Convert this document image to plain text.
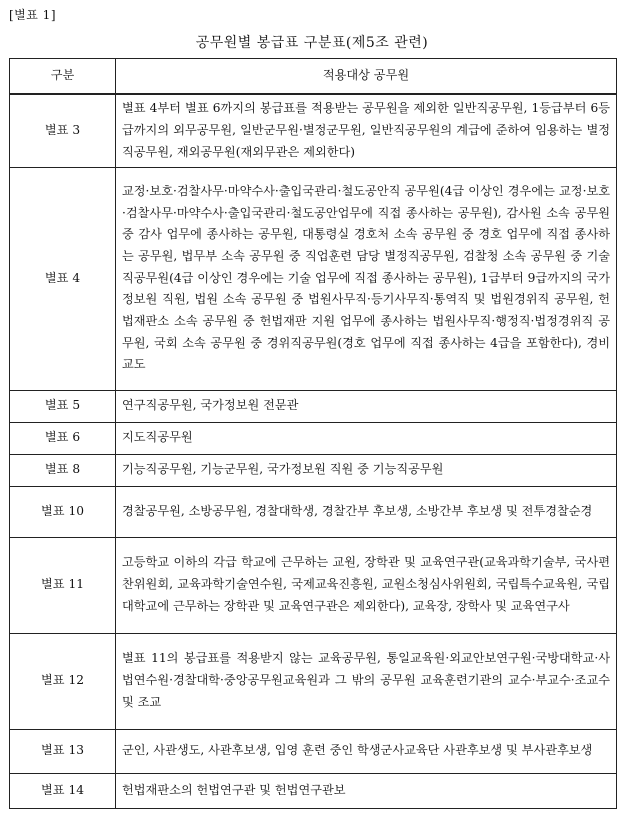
[별표 1]
공무원별 봉급표 구분표(제5조 관련)
구분	적용대상 공무원
별표 3	별표 4부터 별표 6까지의 봉급표를 적용받는 공무원을 제외한 일반직공무원, 1등급부터 6등급까지의 외무공무원, 일반군무원·별정군무원, 일반직공무원의 계급에 준하여 임용하는 별정직공무원, 재외공무원(재외무관은 제외한다)
별표 4	교정·보호·검찰사무·마약수사·출입국관리·철도공안직 공무원(4급 이상인 경우에는 교정·보호·검찰사무·마약수사·출입국관리·철도공안업무에 직접 종사하는 공무원), 감사원 소속 공무원 중 감사 업무에 종사하는 공무원, 대통령실 경호처 소속 공무원 중 경호 업무에 직접 종사하는 공무원, 법무부 소속 공무원 중 직업훈련 담당 별정직공무원, 검찰청 소속 공무원 중 기술직공무원(4급 이상인 경우에는 기술 업무에 직접 종사하는 공무원), 1급부터 9급까지의 국가정보원 직원, 법원 소속 공무원 중 법원사무직·등기사무직·통역직 및 법원경위직 공무원, 헌법재판소 소속 공무원 중 헌법재판 지원 업무에 종사하는 법원사무직·행정직·법정경위직 공무원, 국회 소속 공무원 중 경위직공무원(경호 업무에 직접 종사하는 4급을 포함한다), 경비교도
별표 5	연구직공무원, 국가정보원 전문관
별표 6	지도직공무원
별표 8	기능직공무원, 기능군무원, 국가정보원 직원 중 기능직공무원
별표 10	경찰공무원, 소방공무원, 경찰대학생, 경찰간부 후보생, 소방간부 후보생 및 전투경찰순경
별표 11	고등학교 이하의 각급 학교에 근무하는 교원, 장학관 및 교육연구관(교육과학기술부, 국사편찬위원회, 교육과학기술연수원, 국제교육진흥원, 교원소청심사위원회, 국립특수교육원, 국립대학교에 근무하는 장학관 및 교육연구관은 제외한다), 교육장, 장학사 및 교육연구사
별표 12	별표 11의 봉급표를 적용받지 않는 교육공무원, 통일교육원·외교안보연구원·국방대학교·사법연수원·경찰대학·중앙공무원교육원과 그 밖의 공무원 교육훈련기관의 교수·부교수·조교수 및 조교
별표 13	군인, 사관생도, 사관후보생, 입영 훈련 중인 학생군사교육단 사관후보생 및 부사관후보생
별표 14	헌법재판소의 헌법연구관 및 헌법연구관보
